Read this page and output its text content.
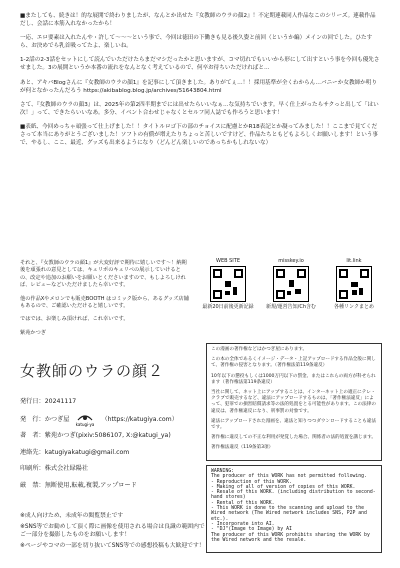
■またしても、続きは！的な展開で終わりましたが、なんとか出せた『女教師のウラの顔2』！不定期連載同人作品なこのシリーズ。連載作品だし、会話に本筋入れなかったから！

一応、エロ要素は入れたんや・許して〜〜〜という事で、今回は徳田の下働きも見る後久姿と前回（というか編）メインの回でした。ひたすら、お決めでら乳首吸ってたよ、楽しいね。

1-2話の2-3話をセットにして読んでいただけたらまだマシだったかと思いますが、コマ切れでもいいから形にして出すという事を今回も優先させました。3の展開というか本番の流れをなんとなく考えているので、何卒お待ちいただければと…

あと、アキバBlogさんに『女教師のウラの顔1』を記事にして頂きました。ありがてぇ…！！採用基準が全くわからん…バニーか女教師か明りが何となかったんだろう https://akibablog.blog.jp/archives/51643804.html

さて、『女教師のウラの顔3』は、2025年の第2四半期までには出せたらいいなぁ…な気持ちでいます。早く仕上がったらサクっと出して「はい次！」って、できたらいいなあ。多分、イベント合わせじゃなくとセルフ同人誌でも作ろうと思います！

■表紙、今回めっちゃ頑張って仕上げました！！タイトルロゴ下の部のチョイスに配慮とかR18表記とか凝ってみました！！ここまで見てくださって本当にありがとうございました！ソフトの有償が増えたりちょっと苦しいですけど、作品たちともどもよろしくお願いします！という事で、やるし、ここ、最近、グッズも出来るようになり（どんどん楽しいのであっちかもしれないな）

それと、『女教師のウラの顔1』が大変好評で期待に嬉しいです～！納期後を頑張れの意見としては、キュリポのキュリペの展示していけるとの、改定や追加のお願いをお願いとくださいますので、もしよろしければ、レビューなどいただけましたら幸いです。

他の作品Xやメロンでも販売BOOTH はコミック版から、あるグッズ店舗もあるので、ご確認いただけると嬉しいです。

ではでは、お楽しみ頂ければ、これ幸いです。

紫苑かつぎ

WEB SITE
最新20日前後更新記録
misskey.io
新規/運営告知/Ch含む
lit.link
各種リンクまとめ
女教師のウラの顔２
発行日：20241117
発　行：かつぎ屋
katugi-ya
（https://katugiya.com）
著　者：紫苑かつぎ(pixiv:5086107, X:@katugi_ya)
連絡先：katugiyakatugi@gmail.com
印刷所：株式会社緑陽社
厳　禁：無断使用,転載,複製,アップロード

※成人向けため、未成年の閲覧禁止です

※SNS等でお勧めして頂く際に画像を使用される場合は良識の範囲内でご一部分を撮影したものをお願いします！

※ページやコマの一部を切り抜いてSNS等での感想投稿も大歓迎です！

この漫画の著作権などはかつぎ屋にあります。

この本の全体であるくイメージ・データ・上記アップロードする作品全般に関して、著作権の侵害となります。（著作権法第119条違反）

10年以下の懲役もしくは1000万円以下の罰金、またはこれらの両方が科せられます（著作権法第119条違反）

当社に関して、ネット上にアップすることは、インターネット上の適正にテレ・クラブで販売するなど、違法にアップロードするものは、「著作権法違反」によって、犯罪での損害賠償請求等の法的処置をとる可能性があります。この法律の違反は、著作権違反になり、刑事罰の対象です。

違法にアップロードされた漫画を、違法と知りつつダウンロードすることも違法です。

著作権に違反しての不正な利用が発覚した場合、関係者の法的処置を講じます。

著作権法違反（119条第3項）

WARNING:

The producer of this WORK has not permitted following.

- Reproduction of this WORK.

- Making of all of version of copies of this WORK.

- Resale of this WORK. (including distribution to second-hand stores)

- Rental of this WORK.

- This WORK is done to the scanning and upload to the Wired network (The Wired network includes SNS, P2P and etc.).

- Incorporate into AI.

- "DJ"(Image to Image) by AI

The producer of this WORK prohibits sharing the WORK by the Wired network and the resale.
